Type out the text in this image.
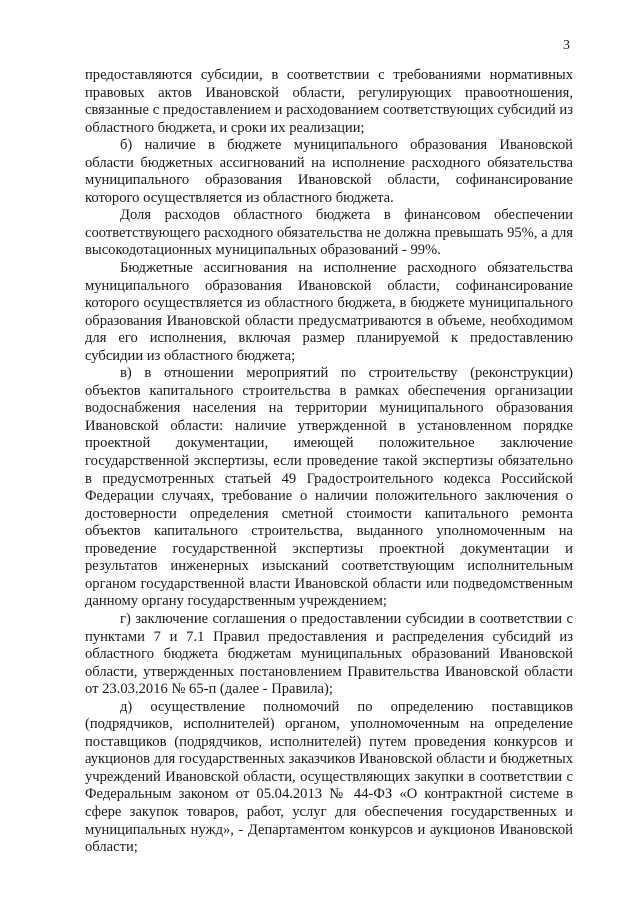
3

предоставляются субсидии, в соответствии с требованиями нормативных правовых актов Ивановской области, регулирующих правоотношения, связанные с предоставлением и расходованием соответствующих субсидий из областного бюджета, и сроки их реализации;

б) наличие в бюджете муниципального образования Ивановской области бюджетных ассигнований на исполнение расходного обязательства муниципального образования Ивановской области, софинансирование которого осуществляется из областного бюджета.

Доля расходов областного бюджета в финансовом обеспечении соответствующего расходного обязательства не должна превышать 95%, а для высокодотационных муниципальных образований - 99%.

Бюджетные ассигнования на исполнение расходного обязательства муниципального образования Ивановской области, софинансирование которого осуществляется из областного бюджета, в бюджете муниципального образования Ивановской области предусматриваются в объеме, необходимом для его исполнения, включая размер планируемой к предоставлению субсидии из областного бюджета;

в) в отношении мероприятий по строительству (реконструкции) объектов капитального строительства в рамках обеспечения организации водоснабжения населения на территории муниципального образования Ивановской области: наличие утвержденной в установленном порядке проектной документации, имеющей положительное заключение государственной экспертизы, если проведение такой экспертизы обязательно в предусмотренных статьей 49 Градостроительного кодекса Российской Федерации случаях, требование о наличии положительного заключения о достоверности определения сметной стоимости капитального ремонта объектов капитального строительства, выданного уполномоченным на проведение государственной экспертизы проектной документации и результатов инженерных изысканий соответствующим исполнительным органом государственной власти Ивановской области или подведомственным данному органу государственным учреждением;

г) заключение соглашения о предоставлении субсидии в соответствии с пунктами 7 и 7.1 Правил предоставления и распределения субсидий из областного бюджета бюджетам муниципальных образований Ивановской области, утвержденных постановлением Правительства Ивановской области от 23.03.2016 № 65-п (далее - Правила);

д) осуществление полномочий по определению поставщиков (подрядчиков, исполнителей) органом, уполномоченным на определение поставщиков (подрядчиков, исполнителей) путем проведения конкурсов и аукционов для государственных заказчиков Ивановской области и бюджетных учреждений Ивановской области, осуществляющих закупки в соответствии с Федеральным законом от 05.04.2013 № 44-ФЗ «О контрактной системе в сфере закупок товаров, работ, услуг для обеспечения государственных и муниципальных нужд», - Департаментом конкурсов и аукционов Ивановской области;
